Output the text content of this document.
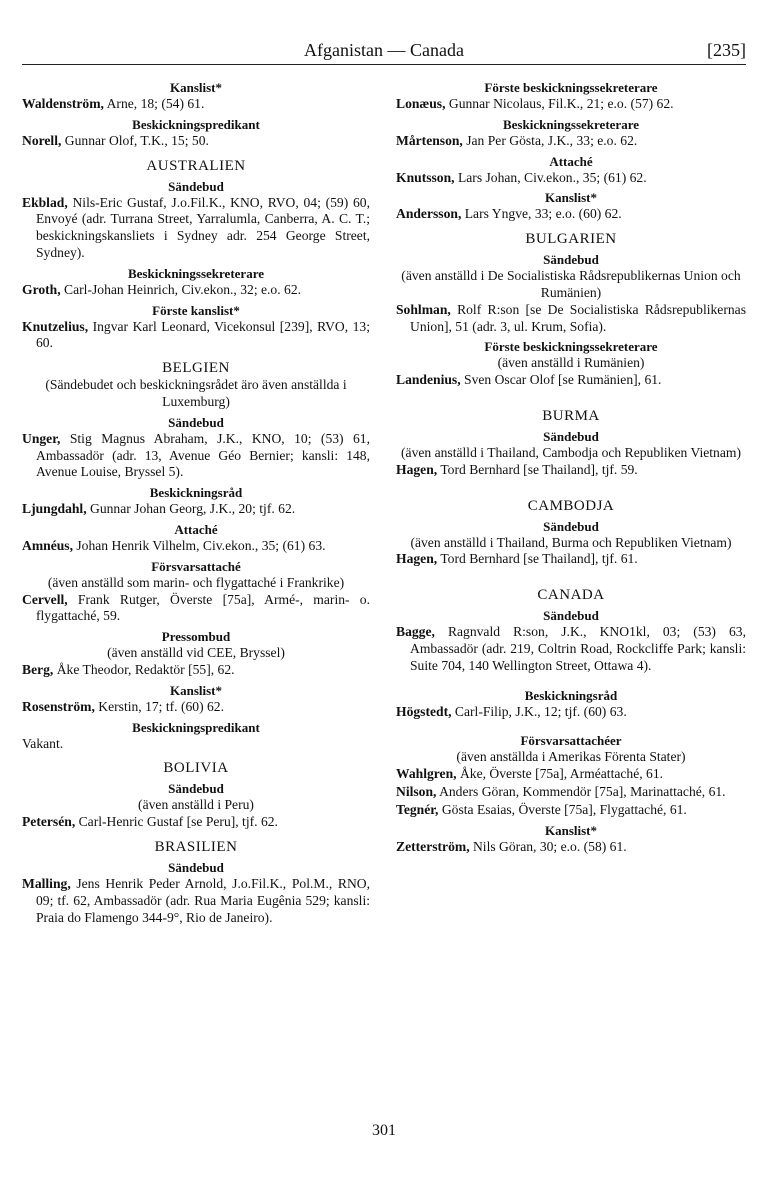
Afganistan — Canada	[235]
Kanslist*
Waldenström, Arne, 18; (54) 61.
Beskickningspredikant
Norell, Gunnar Olof, T.K., 15; 50.
AUSTRALIEN
Sändebud
Ekblad, Nils-Eric Gustaf, J.o.Fil.K., KNO, RVO, 04; (59) 60, Envoyé (adr. Turrana Street, Yarralumla, Canberra, A. C. T.; beskickningskansliets i Sydney adr. 254 George Street, Sydney).
Beskickningssekreterare
Groth, Carl-Johan Heinrich, Civ.ekon., 32; e.o. 62.
Förste kanslist*
Knutzelius, Ingvar Karl Leonard, Vicekonsul [239], RVO, 13; 60.
BELGIEN
(Sändebudet och beskickningsrådet äro även anställda i Luxemburg)
Sändebud
Unger, Stig Magnus Abraham, J.K., KNO, 10; (53) 61, Ambassadör (adr. 13, Avenue Géo Bernier; kansli: 148, Avenue Louise, Bryssel 5).
Beskickningsråd
Ljungdahl, Gunnar Johan Georg, J.K., 20; tjf. 62.
Attaché
Amnéus, Johan Henrik Vilhelm, Civ.ekon., 35; (61) 63.
Försvarsattaché
(även anställd som marin- och flygattaché i Frankrike)
Cervell, Frank Rutger, Överste [75a], Armé-, marin- o. flygattaché, 59.
Pressombud
(även anställd vid CEE, Bryssel)
Berg, Åke Theodor, Redaktör [55], 62.
Kanslist*
Rosenström, Kerstin, 17; tf. (60) 62.
Beskickningspredikant
Vakant.
BOLIVIA
Sändebud
(även anställd i Peru)
Petersén, Carl-Henric Gustaf [se Peru], tjf. 62.
BRASILIEN
Sändebud
Malling, Jens Henrik Peder Arnold, J.o.Fil.K., Pol.M., RNO, 09; tf. 62, Ambassadör (adr. Rua Maria Eugênia 529; kansli: Praia do Flamengo 344-9°, Rio de Janeiro).
Förste beskickningssekreterare
Lonæus, Gunnar Nicolaus, Fil.K., 21; e.o. (57) 62.
Beskickningssekreterare
Mårtenson, Jan Per Gösta, J.K., 33; e.o. 62.
Attaché
Knutsson, Lars Johan, Civ.ekon., 35; (61) 62.
Kanslist*
Andersson, Lars Yngve, 33; e.o. (60) 62.
BULGARIEN
Sändebud
(även anställd i De Socialistiska Rådsrepublikernas Union och Rumänien)
Sohlman, Rolf R:son [se De Socialistiska Rådsrepublikernas Union], 51 (adr. 3, ul. Krum, Sofia).
Förste beskickningssekreterare
(även anställd i Rumänien)
Landenius, Sven Oscar Olof [se Rumänien], 61.
BURMA
Sändebud
(även anställd i Thailand, Cambodja och Republiken Vietnam)
Hagen, Tord Bernhard [se Thailand], tjf. 59.
CAMBODJA
Sändebud
(även anställd i Thailand, Burma och Republiken Vietnam)
Hagen, Tord Bernhard [se Thailand], tjf. 61.
CANADA
Sändebud
Bagge, Ragnvald R:son, J.K., KNO1kl, 03; (53) 63, Ambassadör (adr. 219, Coltrin Road, Rockcliffe Park; kansli: Suite 704, 140 Wellington Street, Ottawa 4).
Beskickningsråd
Högstedt, Carl-Filip, J.K., 12; tjf. (60) 63.
Försvarsattachéer
(även anställda i Amerikas Förenta Stater)
Wahlgren, Åke, Överste [75a], Arméattaché, 61.
Nilson, Anders Göran, Kommendör [75a], Marinattaché, 61.
Tegnér, Gösta Esaias, Överste [75a], Flygattaché, 61.
Kanslist*
Zetterström, Nils Göran, 30; e.o. (58) 61.
301
